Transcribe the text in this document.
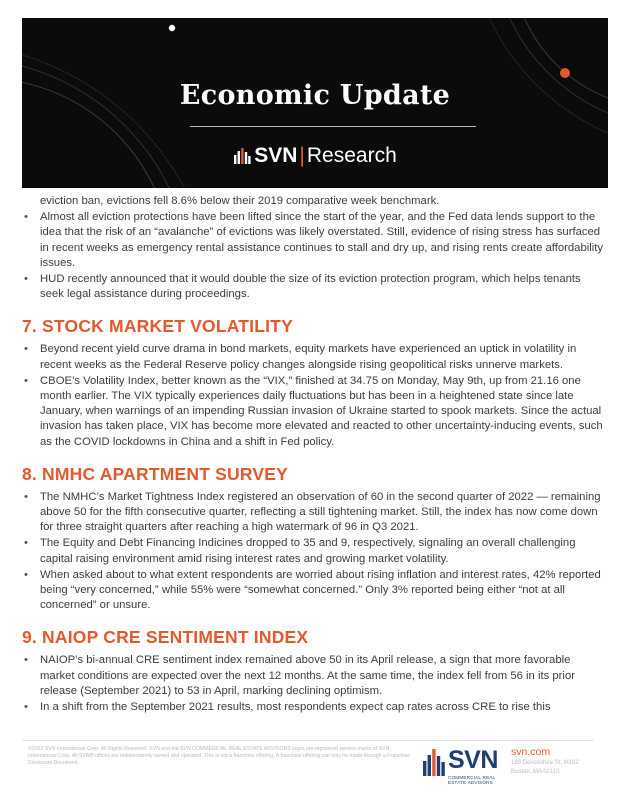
Economic Update
SVN|Research
eviction ban, evictions fell 8.6% below their 2019 comparative week benchmark.
• Almost all eviction protections have been lifted since the start of the year, and the Fed data lends support to the idea that the risk of an “avalanche” of evictions was likely overstated. Still, evidence of rising stress has surfaced in recent weeks as emergency rental assistance continues to stall and dry up, and rising rents create affordability issues.
• HUD recently announced that it would double the size of its eviction protection program, which helps tenants seek legal assistance during proceedings.
7. STOCK MARKET VOLATILITY
• Beyond recent yield curve drama in bond markets, equity markets have experienced an uptick in volatility in recent weeks as the Federal Reserve policy changes alongside rising geopolitical risks unnerve markets.
• CBOE’s Volatility Index, better known as the “VIX,” finished at 34.75 on Monday, May 9th, up from 21.16 one month earlier. The VIX typically experiences daily fluctuations but has been in a heightened state since late January, when warnings of an impending Russian invasion of Ukraine started to spook markets. Since the actual invasion has taken place, VIX has become more elevated and reacted to other uncertainty-inducing events, such as the COVID lockdowns in China and a shift in Fed policy.
8. NMHC APARTMENT SURVEY
• The NMHC’s Market Tightness Index registered an observation of 60 in the second quarter of 2022 — remaining above 50 for the fifth consecutive quarter, reflecting a still tightening market. Still, the index has now come down for three straight quarters after reaching a high watermark of 96 in Q3 2021.
• The Equity and Debt Financing Indicines dropped to 35 and 9, respectively, signaling an overall challenging capital raising environment amid rising interest rates and growing market volatility.
• When asked about to what extent respondents are worried about rising inflation and interest rates, 42% reported being “very concerned,” while 55% were “somewhat concerned.” Only 3% reported being either “not at all concerned” or unsure.
9. NAIOP CRE SENTIMENT INDEX
• NAIOP’s bi-annual CRE sentiment index remained above 50 in its April release, a sign that more favorable market conditions are expected over the next 12 months. At the same time, the index fell from 56 in its prior release (September 2021) to 53 in April, marking declining optimism.
• In a shift from the September 2021 results, most respondents expect cap rates across CRE to rise this
©2022 SVN International Corp. All Rights Reserved. SVN and the SVN COMMERCIAL REAL ESTATE ADVISORS logos are registered service marks of SVN International Corp. All SVN® offices are independently owned and operated. This is not a franchise offering. A franchise offering can only be made through a Franchise Disclosure Document.	SVN
COMMERCIAL REAL ESTATE ADVISORS
svn.com
185 Devonshire St, M102
Boston, MA 02110
